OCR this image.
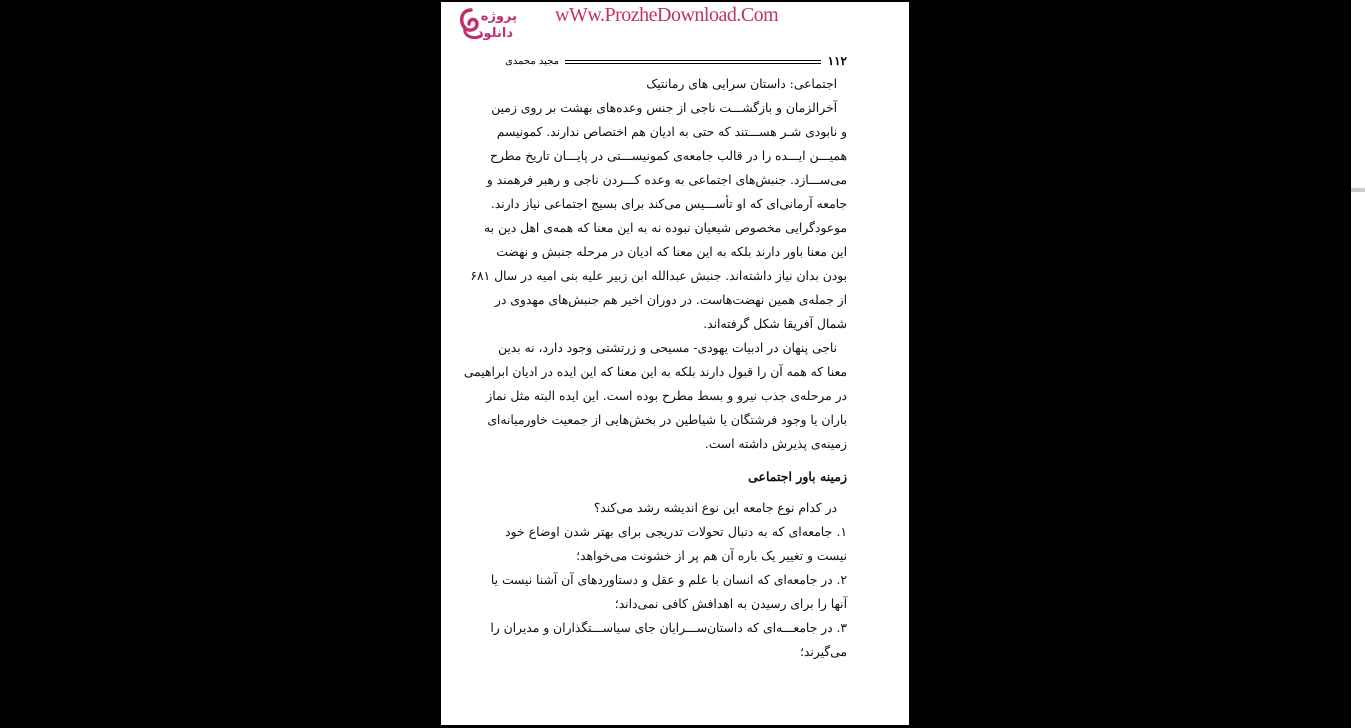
پروژه
دانلود
wWw.ProzheDownload.Com
مجید محمدی	۱۱۲
اجتماعی: داستان سرایی های رمانتیک
آخرالزمان و بازگشـــت ناجی از جنس وعده‌های بهشت بر روی زمین
و نابودی شـر هســـتند که حتی به ادیان هم اختصاص ندارند. کمونیسم
همیـــن ایـــده را در قالب جامعه‌ی کمونیســـتی در پایـــان تاریخ مطرح
می‌ســـازد. جنبش‌های اجتماعی به وعده کـــردن ناجی و رهبر فرهمند و
جامعه آرمانی‌ای که او تأســـیس می‌کند برای بسیج اجتماعی نیاز دارند.
موعودگرایی مخصوص شیعیان نبوده نه به این معنا که همه‌ی اهل دین به
این معنا باور دارند بلکه به این معنا که ادیان در مرحله جنبش و نهضت
بودن بدان نیاز داشته‌اند. جنبش عبدالله ابن زبیر علیه بنی امیه در سال ۶۸۱
از جمله‌ی همین نهضت‌هاست. در دوران اخیر هم جنبش‌های مهدوی در
شمال آفریقا شکل گرفته‌اند.
ناجی پنهان در ادبیات یهودی- مسیحی و زرتشتی وجود دارد، نه بدین
معنا که همه آن را قبول دارند بلکه به این معنا که این ایده در ادیان ابراهیمی
در مرحله‌ی جذب نیرو و بسط مطرح بوده است. این ایده البته مثل نماز
باران یا وجود فرشتگان یا شیاطین در بخش‌هایی از جمعیت خاورمیانه‌ای
زمینه‌ی پذیرش داشته است.
زمینه باور اجتماعی
در کدام نوع جامعه این نوع اندیشه رشد می‌کند؟
۱. جامعه‌ای که به دنبال تحولات تدریجی برای بهتر شدن اوضاع خود
نیست و تغییر یک باره آن هم پر از خشونت می‌خواهد؛
۲. در جامعه‌ای که انسان با علم و عقل و دستاوردهای آن آشنا نیست یا
آنها را برای رسیدن به اهدافش کافی نمی‌داند؛
۳. در جامعـــه‌ای که داستان‌ســـرایان جای سیاســـتگذاران و مدیران را
می‌گیرند؛
